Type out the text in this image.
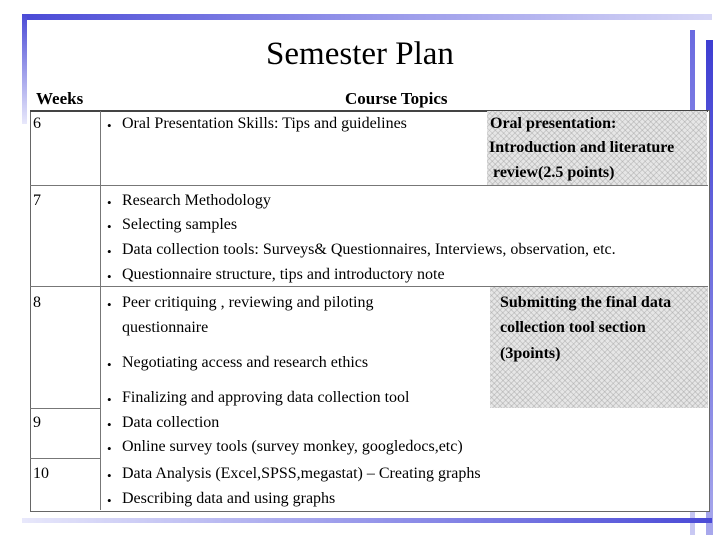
Semester Plan
Weeks	Course Topics
6
7
8
9
10
• Oral Presentation Skills: Tips and guidelines	Oral presentation:
Introduction and literature
review(2.5 points)
• Research Methodology
• Selecting samples
• Data collection tools: Surveys& Questionnaires, Interviews, observation, etc.
• Questionnaire structure, tips and introductory note
• Peer critiquing , reviewing and piloting
questionnaire
• Negotiating access and research ethics
• Finalizing and approving data collection tool
Submitting the final data
collection tool section
(3points)
• Data collection
• Online survey tools (survey monkey, googledocs,etc)
• Data Analysis (Excel,SPSS,megastat) – Creating graphs
• Describing data and using graphs
